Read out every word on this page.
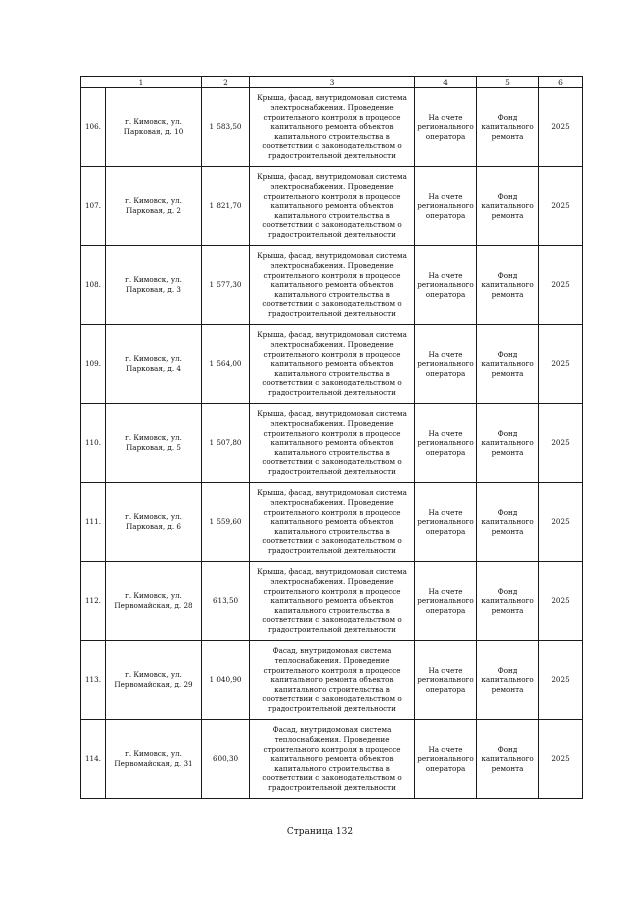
1		2	3	4	5	6
106.	г. Кимовск, ул. Парковая, д. 10	1 583,50	Крыша, фасад, внутридомовая система электроснабжения. Проведение строительного контроля в процессе капитального ремонта объектов капитального строительства в соответствии с законодательством о градостроительной деятельности	На счете регионального оператора	Фонд капитального ремонта	2025
107.	г. Кимовск, ул. Парковая, д. 2	1 821,70	Крыша, фасад, внутридомовая система электроснабжения. Проведение строительного контроля в процессе капитального ремонта объектов капитального строительства в соответствии с законодательством о градостроительной деятельности	На счете регионального оператора	Фонд капитального ремонта	2025
108.	г. Кимовск, ул. Парковая, д. 3	1 577,30	Крыша, фасад, внутридомовая система электроснабжения. Проведение строительного контроля в процессе капитального ремонта объектов капитального строительства в соответствии с законодательством о градостроительной деятельности	На счете регионального оператора	Фонд капитального ремонта	2025
109.	г. Кимовск, ул. Парковая, д. 4	1 564,00	Крыша, фасад, внутридомовая система электроснабжения. Проведение строительного контроля в процессе капитального ремонта объектов капитального строительства в соответствии с законодательством о градостроительной деятельности	На счете регионального оператора	Фонд капитального ремонта	2025
110.	г. Кимовск, ул. Парковая, д. 5	1 507,80	Крыша, фасад, внутридомовая система электроснабжения. Проведение строительного контроля в процессе капитального ремонта объектов капитального строительства в соответствии с законодательством о градостроительной деятельности	На счете регионального оператора	Фонд капитального ремонта	2025
111.	г. Кимовск, ул. Парковая, д. 6	1 559,60	Крыша, фасад, внутридомовая система электроснабжения. Проведение строительного контроля в процессе капитального ремонта объектов капитального строительства в соответствии с законодательством о градостроительной деятельности	На счете регионального оператора	Фонд капитального ремонта	2025
112.	г. Кимовск, ул. Первомайская, д. 28	613,50	Крыша, фасад, внутридомовая система электроснабжения. Проведение строительного контроля в процессе капитального ремонта объектов капитального строительства в соответствии с законодательством о градостроительной деятельности	На счете регионального оператора	Фонд капитального ремонта	2025
113.	г. Кимовск, ул. Первомайская, д. 29	1 040,90	Фасад, внутридомовая система теплоснабжения. Проведение строительного контроля в процессе капитального ремонта объектов капитального строительства в соответствии с законодательством о градостроительной деятельности	На счете регионального оператора	Фонд капитального ремонта	2025
114.	г. Кимовск, ул. Первомайская, д. 31	600,30	Фасад, внутридомовая система теплоснабжения. Проведение строительного контроля в процессе капитального ремонта объектов капитального строительства в соответствии с законодательством о градостроительной деятельности	На счете регионального оператора	Фонд капитального ремонта	2025
Страница 132
